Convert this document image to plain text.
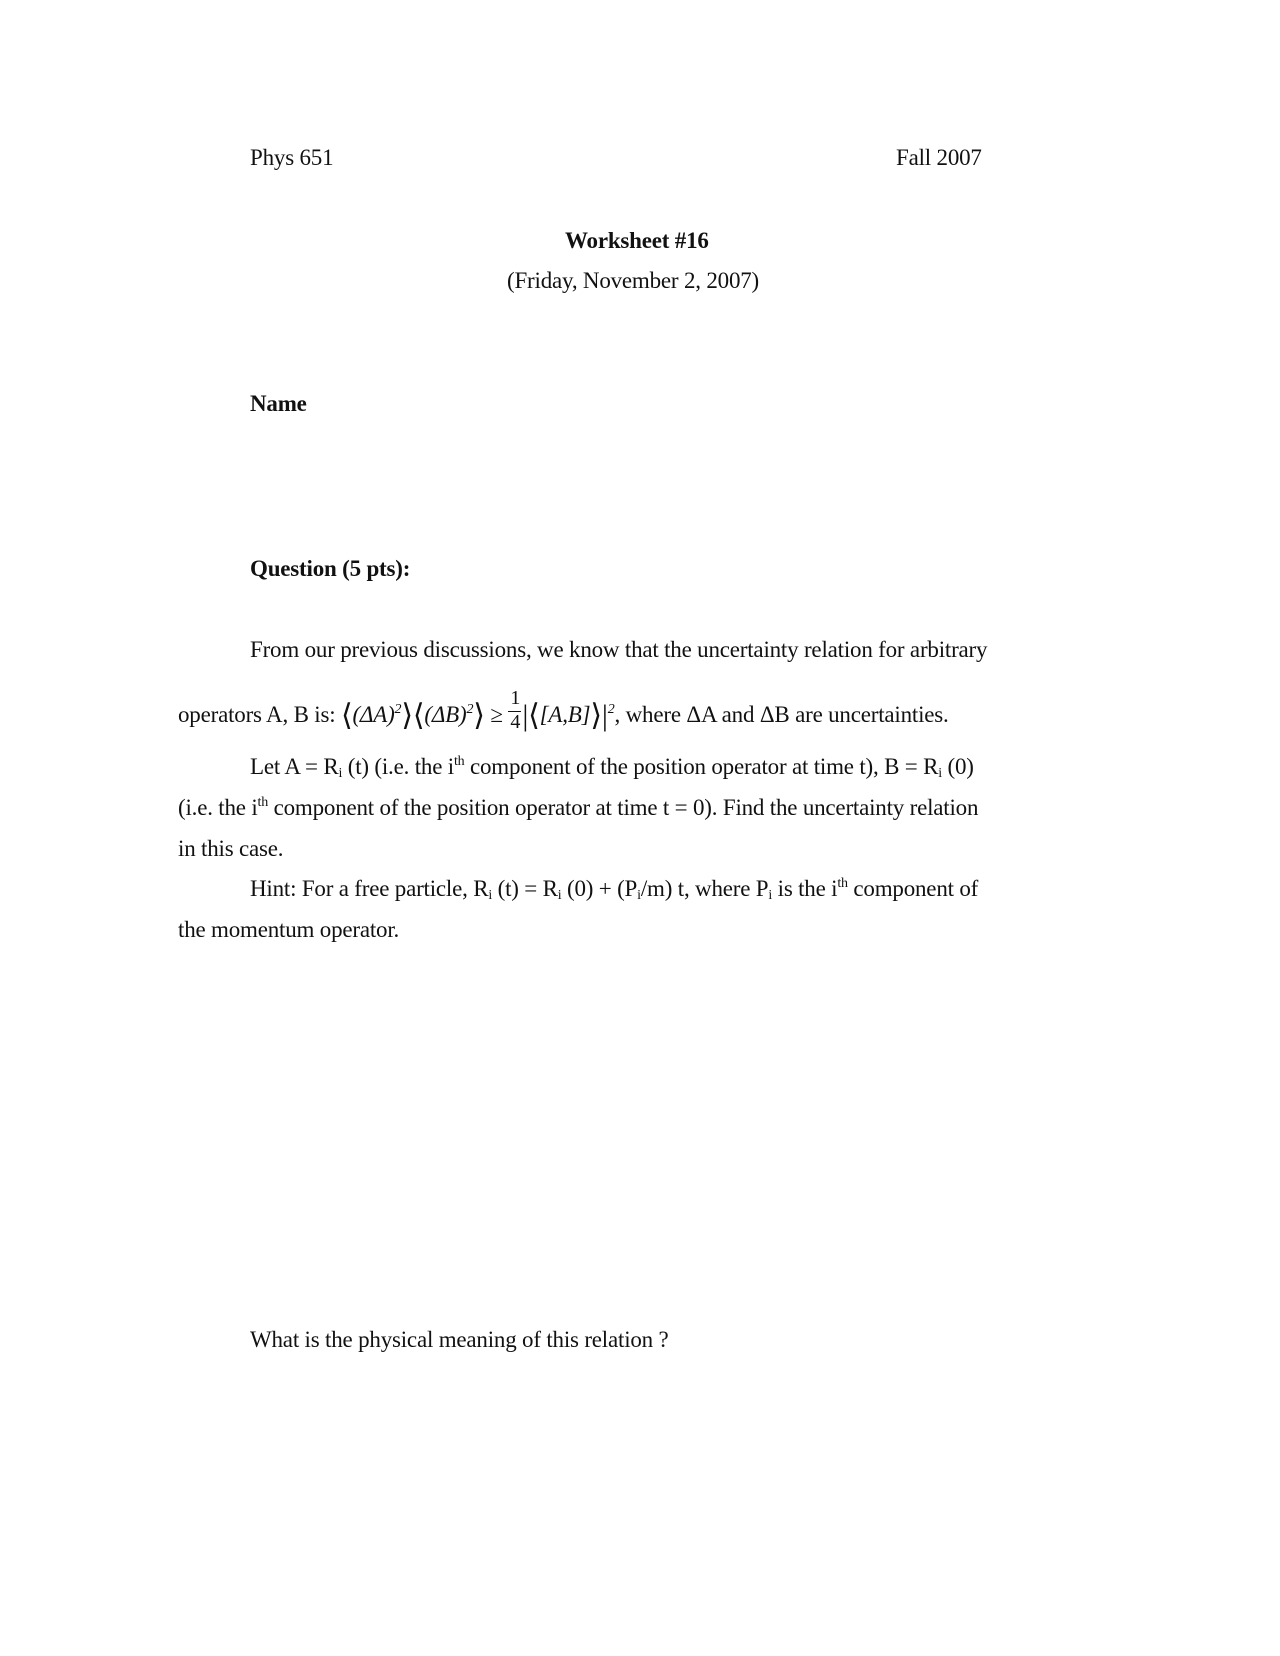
Phys 651	Fall 2007
Worksheet #16
(Friday, November 2, 2007)
Name
Question (5 pts):
From our previous discussions, we know that the uncertainty relation for arbitrary
operators A, B is: $⟨(\Delta A)^2⟩⟨(\Delta B)^2⟩ \ge \frac{1}{4}$ $|⟨[A,B]⟩|^2$, where ΔA and ΔB are uncertainties.
Let $A = R_i$ (t) (i.e. the $i^{th}$ component of the position operator at time t), $B = R_i$ (0)
(i.e. the $i^{th}$ component of the position operator at time t = 0). Find the uncertainty relation
in this case.
Hint: For a free particle, $R_i$ $(t) = R_i$ $(0) + (P_i/m)$ t, where $P_i$ is the $i^{th}$ component of
the momentum operator.
What is the physical meaning of this relation ?
